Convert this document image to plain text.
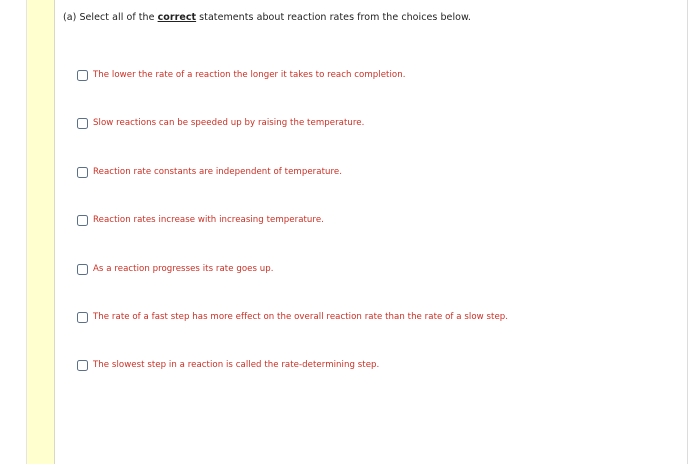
(a) Select all of the correct statements about reaction rates from the choices below.
The lower the rate of a reaction the longer it takes to reach completion.
Slow reactions can be speeded up by raising the temperature.
Reaction rate constants are independent of temperature.
Reaction rates increase with increasing temperature.
As a reaction progresses its rate goes up.
The rate of a fast step has more effect on the overall reaction rate than the rate of a slow step.
The slowest step in a reaction is called the rate-determining step.
